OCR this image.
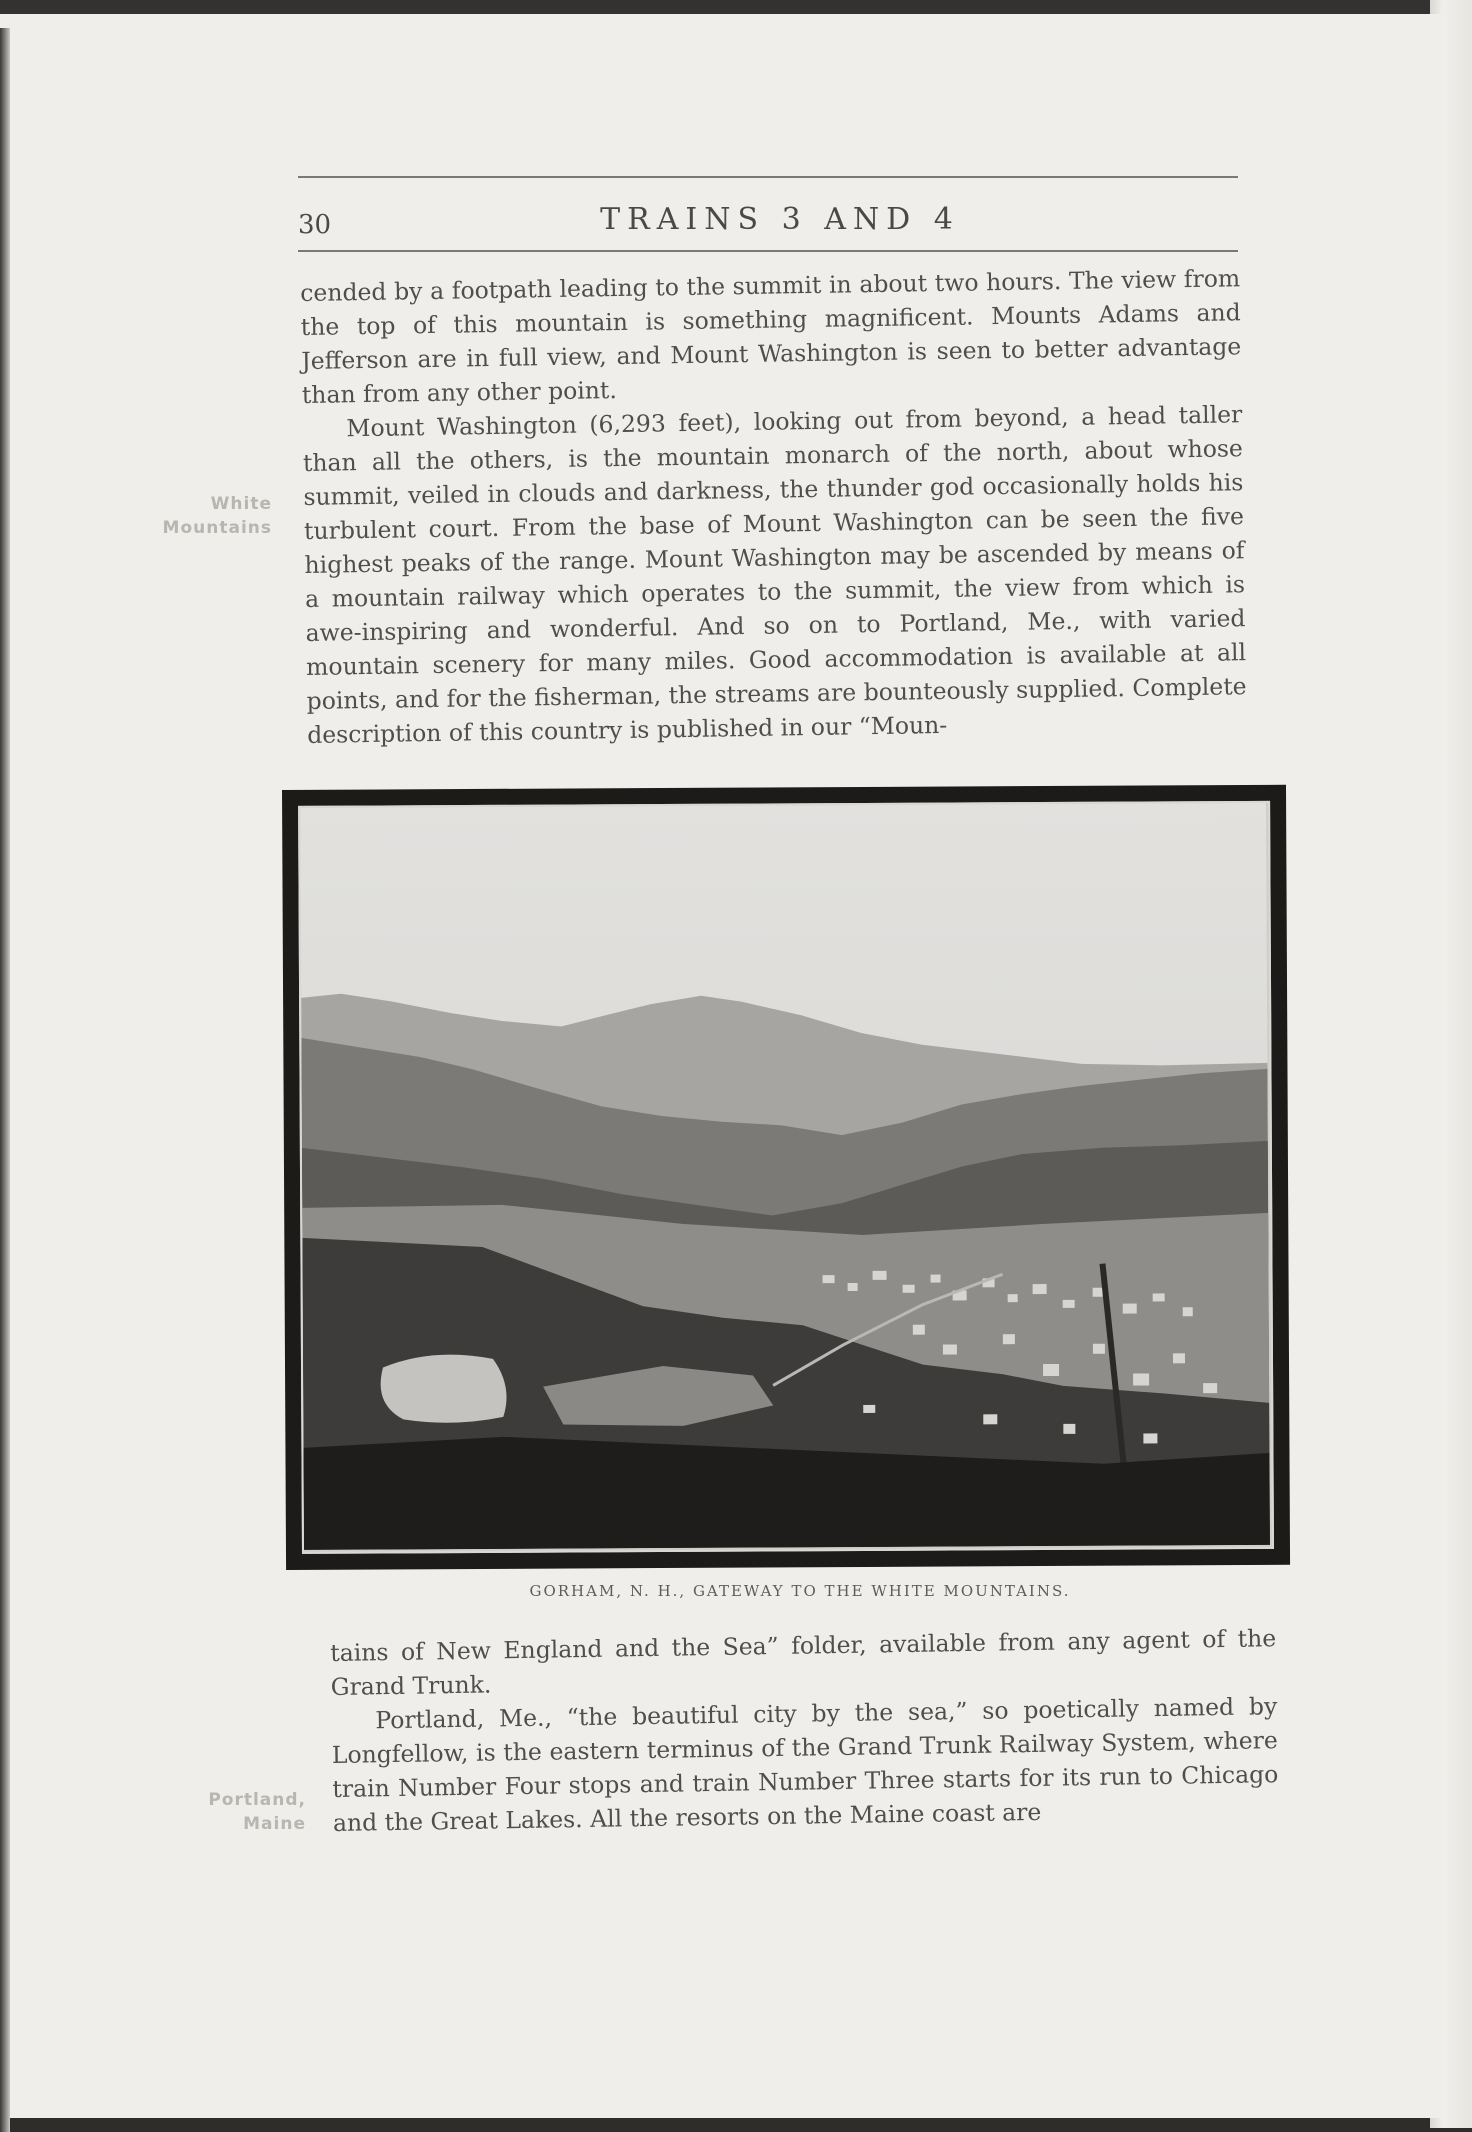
30	TRAINS 3 AND 4
White
Mountains

cended by a footpath leading to the summit in about two hours. The view from the top of this mountain is something magnificent. Mounts Adams and Jefferson are in full view, and Mount Washington is seen to better advantage than from any other point.

Mount Washington (6,293 feet), looking out from beyond, a head taller than all the others, is the mountain monarch of the north, about whose summit, veiled in clouds and darkness, the thunder god occasionally holds his turbulent court. From the base of Mount Washington can be seen the five highest peaks of the range. Mount Washington may be ascended by means of a mountain railway which operates to the summit, the view from which is awe-inspiring and wonderful. And so on to Portland, Me., with varied mountain scenery for many miles. Good accommodation is available at all points, and for the fisherman, the streams are bounteously supplied. Complete description of this country is published in our “Moun-

GORHAM, N. H., GATEWAY TO THE WHITE MOUNTAINS.
Portland,
Maine

tains of New England and the Sea” folder, available from any agent of the Grand Trunk.

Portland, Me., “the beautiful city by the sea,” so poetically named by Longfellow, is the eastern terminus of the Grand Trunk Railway System, where train Number Four stops and train Number Three starts for its run to Chicago and the Great Lakes. All the resorts on the Maine coast are
